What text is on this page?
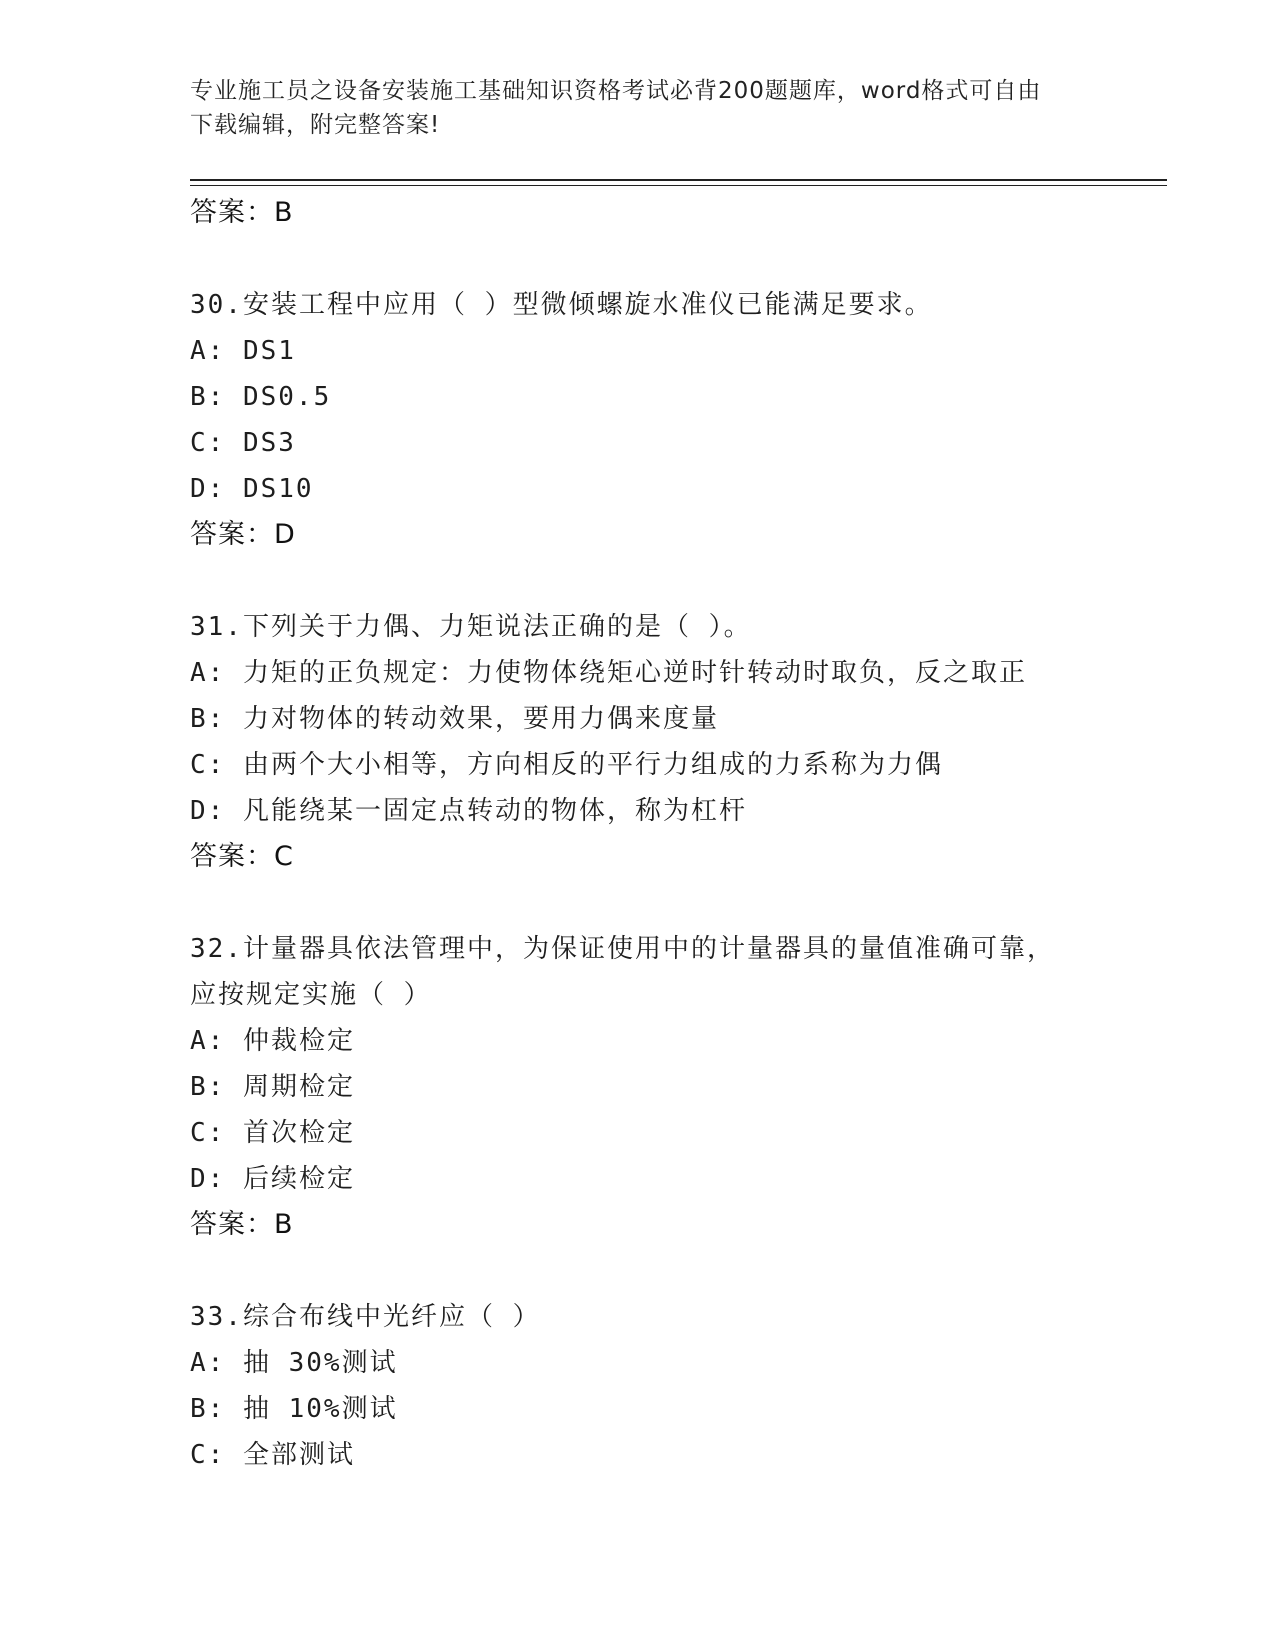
专业施工员之设备安装施工基础知识资格考试必背200题题库，word格式可自由
下载编辑，附完整答案!
答案：B
30.安装工程中应用（ ）型微倾螺旋水准仪已能满足要求。
A: DS1
B: DS0.5
C: DS3
D: DS10
答案：D
31.下列关于力偶、力矩说法正确的是（ ）。
A: 力矩的正负规定：力使物体绕矩心逆时针转动时取负，反之取正
B: 力对物体的转动效果，要用力偶来度量
C: 由两个大小相等，方向相反的平行力组成的力系称为力偶
D: 凡能绕某一固定点转动的物体，称为杠杆
答案：C
32.计量器具依法管理中，为保证使用中的计量器具的量值准确可靠，
应按规定实施（ ）
A: 仲裁检定
B: 周期检定
C: 首次检定
D: 后续检定
答案：B
33.综合布线中光纤应（ ）
A: 抽 30%测试
B: 抽 10%测试
C: 全部测试
